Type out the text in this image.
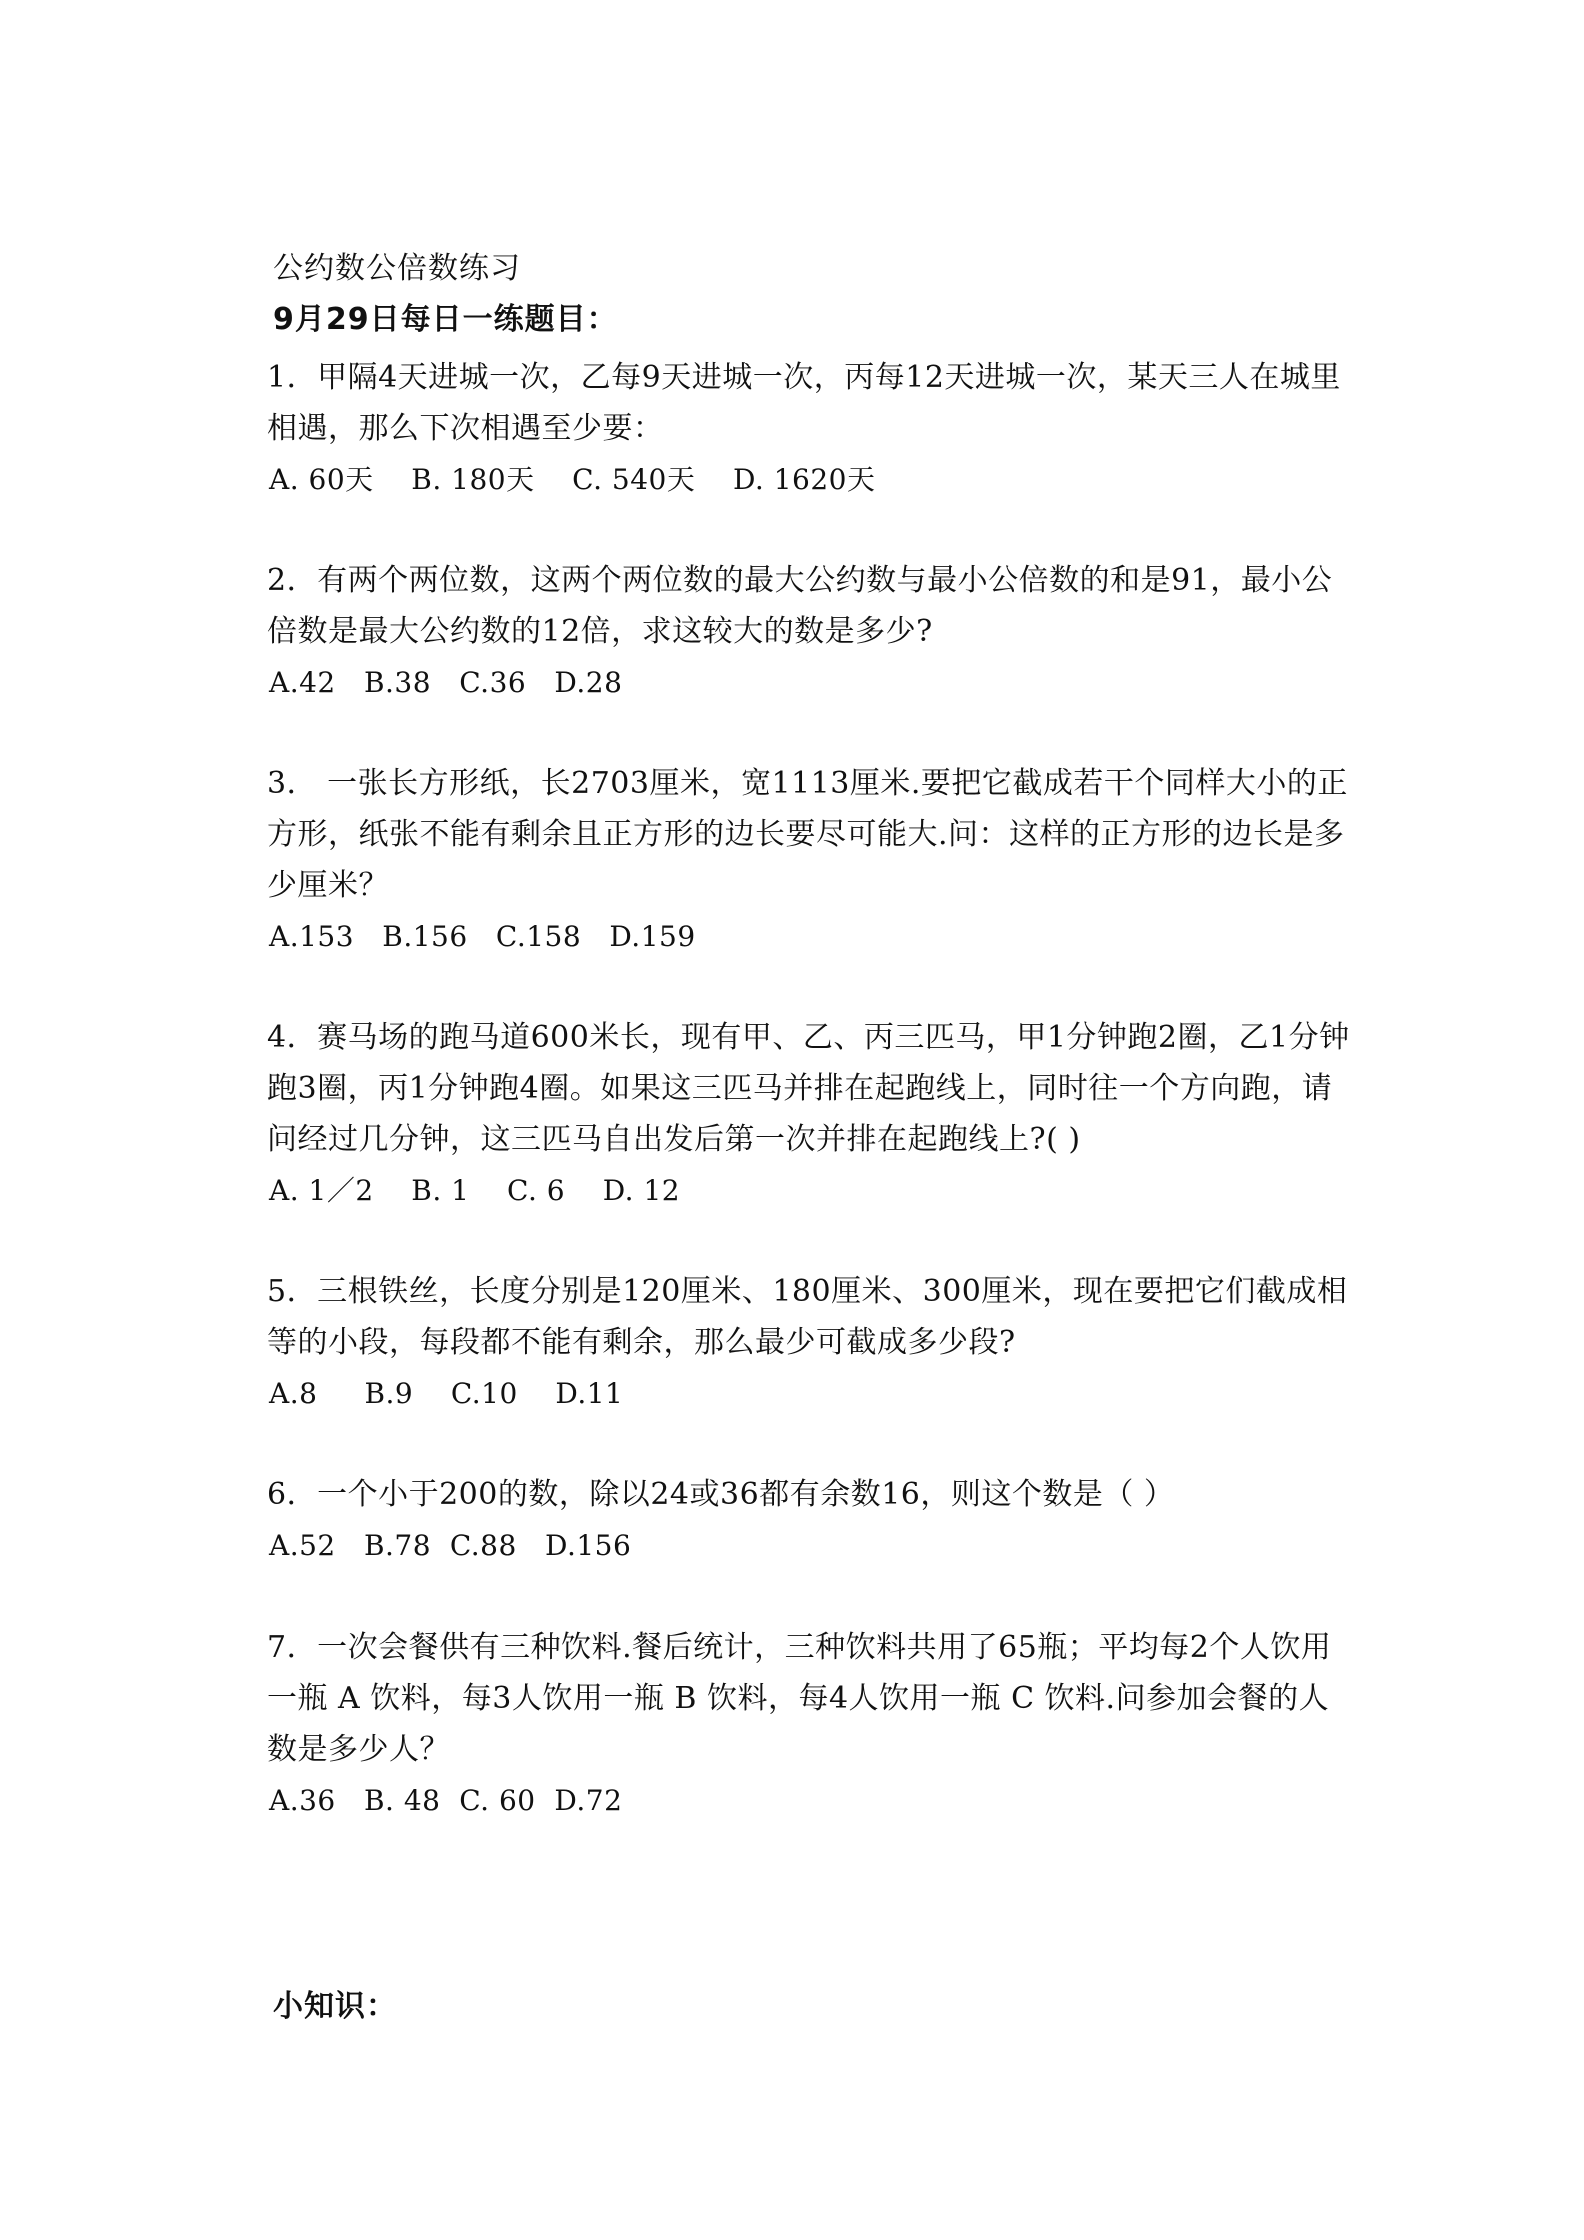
公约数公倍数练习
9月29日每日一练题目：

1．甲隔4天进城一次，乙每9天进城一次，丙每12天进城一次，某天三人在城里相遇，那么下次相遇至少要：

A. 60天    B. 180天    C. 540天    D. 1620天

2．有两个两位数，这两个两位数的最大公约数与最小公倍数的和是91，最小公倍数是最大公约数的12倍，求这较大的数是多少?

A.42   B.38   C.36   D.28

3． 一张长方形纸，长2703厘米，宽1113厘米.要把它截成若干个同样大小的正方形，纸张不能有剩余且正方形的边长要尽可能大.问：这样的正方形的边长是多少厘米？

A.153   B.156   C.158   D.159

4．赛马场的跑马道600米长，现有甲、乙、丙三匹马，甲1分钟跑2圈，乙1分钟跑3圈，丙1分钟跑4圈。如果这三匹马并排在起跑线上，同时往一个方向跑，请问经过几分钟，这三匹马自出发后第一次并排在起跑线上?( )

A. 1／2    B. 1    C. 6    D. 12

5．三根铁丝，长度分别是120厘米、180厘米、300厘米，现在要把它们截成相等的小段，每段都不能有剩余，那么最少可截成多少段?

A.8     B.9    C.10    D.11

6．一个小于200的数，除以24或36都有余数16，则这个数是（ ）

A.52   B.78  C.88   D.156

7．一次会餐供有三种饮料.餐后统计，三种饮料共用了65瓶；平均每2个人饮用一瓶 A 饮料，每3人饮用一瓶 B 饮料，每4人饮用一瓶 C 饮料.问参加会餐的人数是多少人？

A.36   B. 48  C. 60  D.72

小知识：
